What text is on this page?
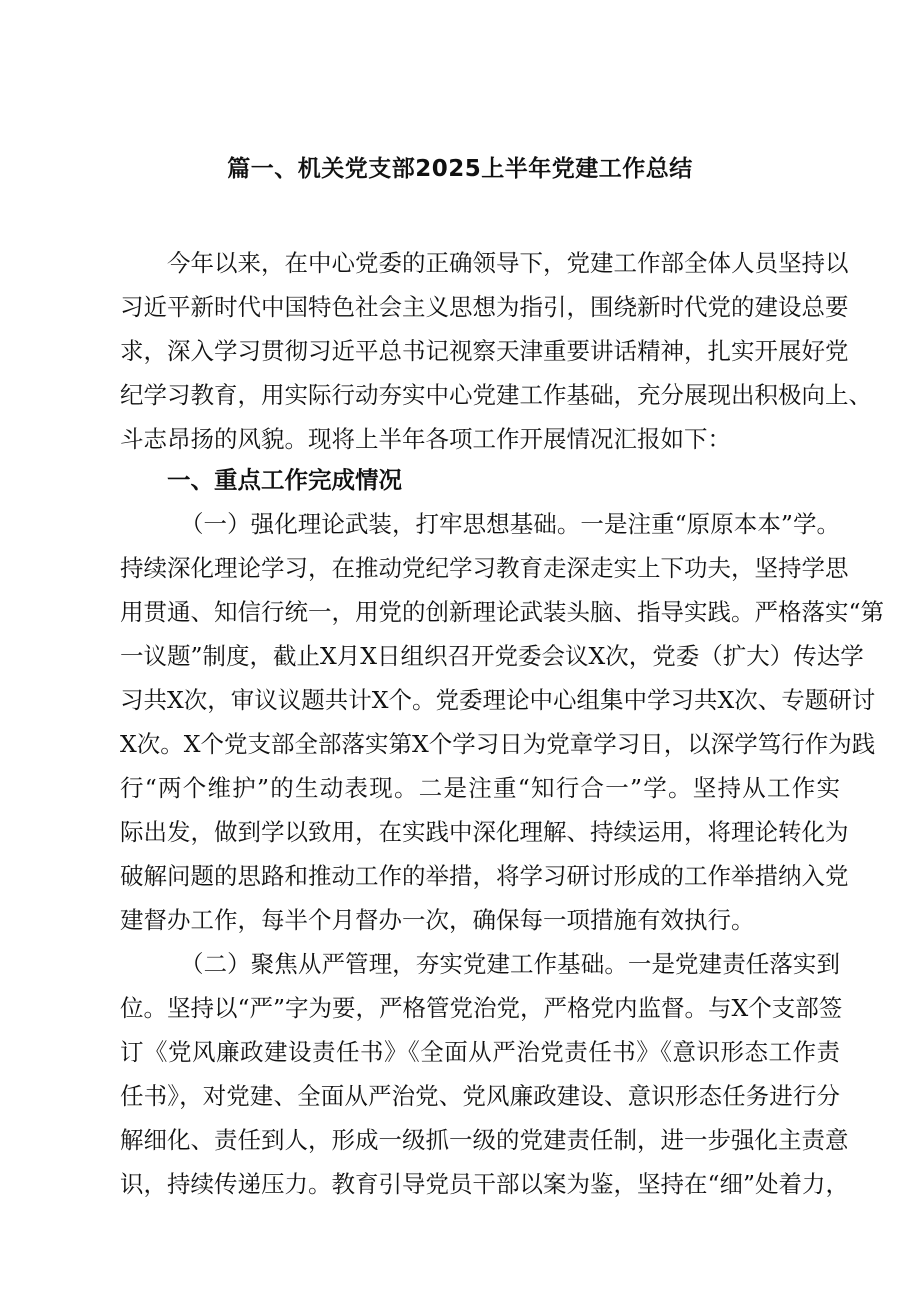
篇一、机关党支部2025上半年党建工作总结
今年以来，在中心党委的正确领导下，党建工作部全体人员坚持以
习近平新时代中国特色社会主义思想为指引，围绕新时代党的建设总要
求，深入学习贯彻习近平总书记视察天津重要讲话精神，扎实开展好党
纪学习教育，用实际行动夯实中心党建工作基础，充分展现出积极向上、
斗志昂扬的风貌。现将上半年各项工作开展情况汇报如下：
一、重点工作完成情况
（一）强化理论武装，打牢思想基础。一是注重“原原本本”学。
持续深化理论学习，在推动党纪学习教育走深走实上下功夫，坚持学思
用贯通、知信行统一，用党的创新理论武装头脑、指导实践。严格落实“第
一议题”制度，截止X月X日组织召开党委会议X次，党委（扩大）传达学
习共X次，审议议题共计X个。党委理论中心组集中学习共X次、专题研讨
X次。X个党支部全部落实第X个学习日为党章学习日，以深学笃行作为践
行“两个维护”的生动表现。二是注重“知行合一”学。坚持从工作实
际出发，做到学以致用，在实践中深化理解、持续运用，将理论转化为
破解问题的思路和推动工作的举措，将学习研讨形成的工作举措纳入党
建督办工作，每半个月督办一次，确保每一项措施有效执行。
（二）聚焦从严管理，夯实党建工作基础。一是党建责任落实到
位。坚持以“严”字为要，严格管党治党，严格党内监督。与X个支部签
订《党风廉政建设责任书》《全面从严治党责任书》《意识形态工作责
任书》，对党建、全面从严治党、党风廉政建设、意识形态任务进行分
解细化、责任到人，形成一级抓一级的党建责任制，进一步强化主责意
识，持续传递压力。教育引导党员干部以案为鉴，坚持在“细”处着力，
